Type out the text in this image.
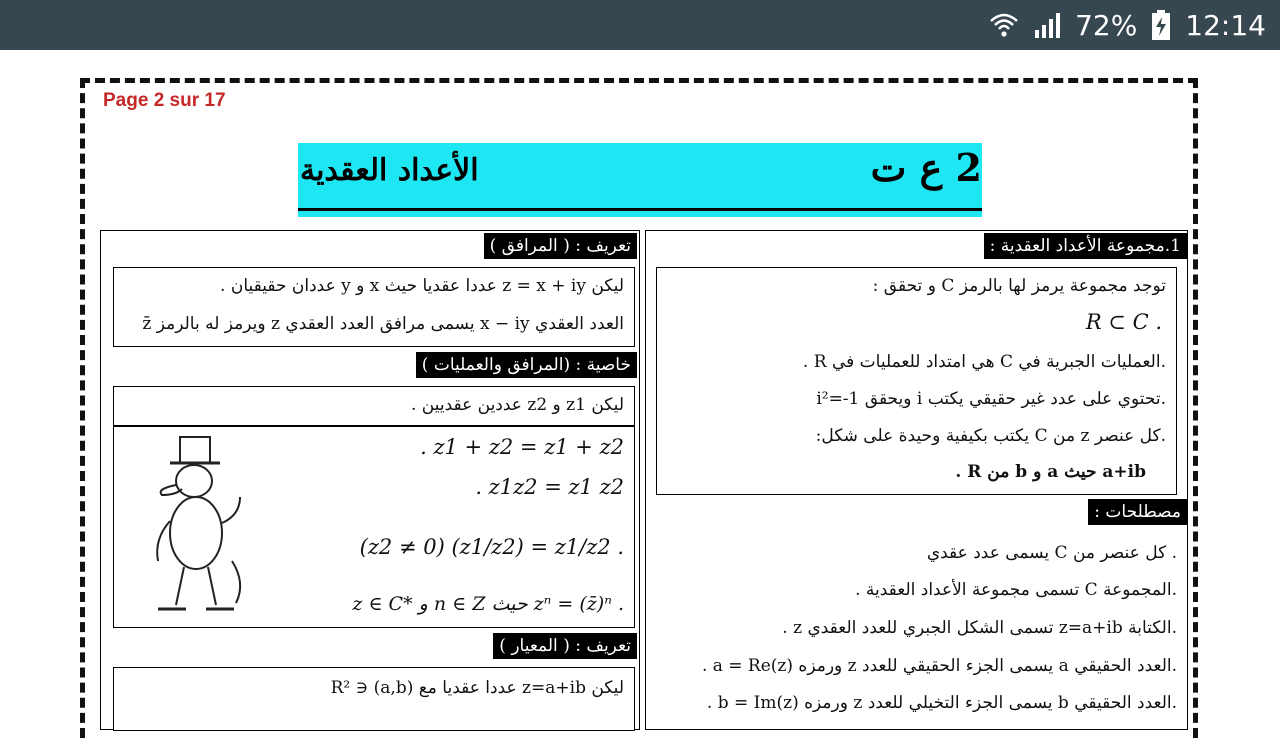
72% 12:14
Page 2 sur 17
2 ع ت
الأعداد العقدية
1.مجموعة الأعداد العقدية :
توجد مجموعة يرمز لها بالرمز C و تحقق :
R ⊂ C .
.العمليات الجبرية في C هي امتداد للعمليات في R .
.تحتوي على عدد غير حقيقي يكتب i ويحقق i²=-1
.كل عنصر z من C يكتب بكيفية وحيدة على شكل:
a+ib حيث a و b من R .
مصطلحات :
. كل عنصر من C يسمى عدد عقدي
.المجموعة C تسمى مجموعة الأعداد العقدية .
.الكتابة z=a+ib تسمى الشكل الجبري للعدد العقدي z .
.العدد الحقيقي a يسمى الجزء الحقيقي للعدد z ورمزه a = Re(z) .
.العدد الحقيقي b يسمى الجزء التخيلي للعدد z ورمزه b = Im(z) .
تعريف : ( المرافق )
ليكن z = x + iy عددا عقديا حيث x و y عددان حقيقيان .
العدد العقدي x − iy يسمى مرافق العدد العقدي z ويرمز له بالرمز z̄
خاصية : (المرافق والعمليات )
ليكن z1 و z2 عددين عقديين .
. z1 + z2 = z1 + z2
. z1z2 = z1 z2
(z2 ≠ 0) (z1/z2) = z1/z2 .
z ∈ C* و n ∈ Z حيث zⁿ = (z̄)ⁿ .
تعريف : ( المعيار )
ليكن z=a+ib عددا عقديا مع (a,b) ∈ R²
